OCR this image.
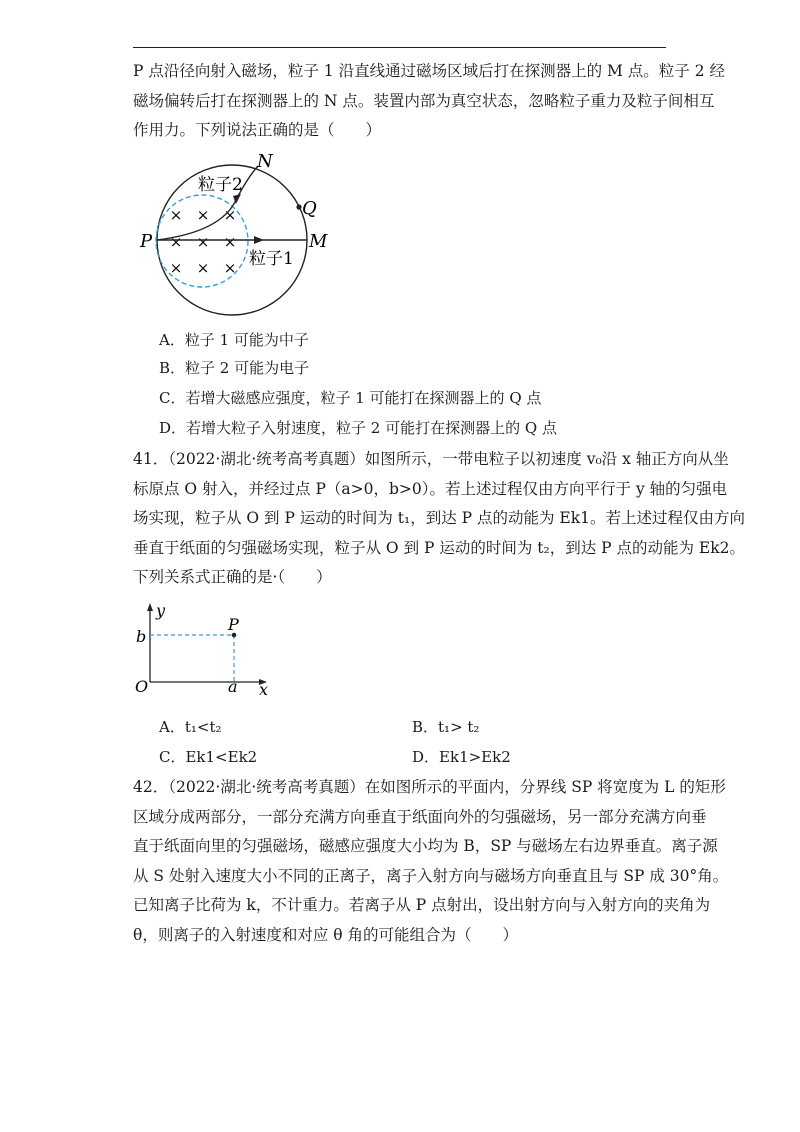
P 点沿径向射入磁场，粒子 1 沿直线通过磁场区域后打在探测器上的 M 点。粒子 2 经
磁场偏转后打在探测器上的 N 点。装置内部为真空状态，忽略粒子重力及粒子间相互
作用力。下列说法正确的是（　　）
× × ×
× × ×
× × ×
N
Q
P	M
粒子2
粒子1
A．粒子 1 可能为中子
B．粒子 2 可能为电子
C．若增大磁感应强度，粒子 1 可能打在探测器上的 Q 点
D．若增大粒子入射速度，粒子 2 可能打在探测器上的 Q 点
41．（2022·湖北·统考高考真题）如图所示，一带电粒子以初速度 v₀沿 x 轴正方向从坐
标原点 O 射入，并经过点 P（a>0，b>0）。若上述过程仅由方向平行于 y 轴的匀强电
场实现，粒子从 O 到 P 运动的时间为 t₁，到达 P 点的动能为 Ek1。若上述过程仅由方向
垂直于纸面的匀强磁场实现，粒子从 O 到 P 运动的时间为 t₂，到达 P 点的动能为 Ek2。
下列关系式正确的是·（　　）
y
b
P
O	a x
A．t₁<t₂	B．t₁> t₂
C．Ek1<Ek2	D．Ek1>Ek2
42．（2022·湖北·统考高考真题）在如图所示的平面内，分界线 SP 将宽度为 L 的矩形
区域分成两部分，一部分充满方向垂直于纸面向外的匀强磁场，另一部分充满方向垂
直于纸面向里的匀强磁场，磁感应强度大小均为 B，SP 与磁场左右边界垂直。离子源
从 S 处射入速度大小不同的正离子，离子入射方向与磁场方向垂直且与 SP 成 30°角。
已知离子比荷为 k，不计重力。若离子从 P 点射出，设出射方向与入射方向的夹角为
θ，则离子的入射速度和对应 θ 角的可能组合为（　　）
